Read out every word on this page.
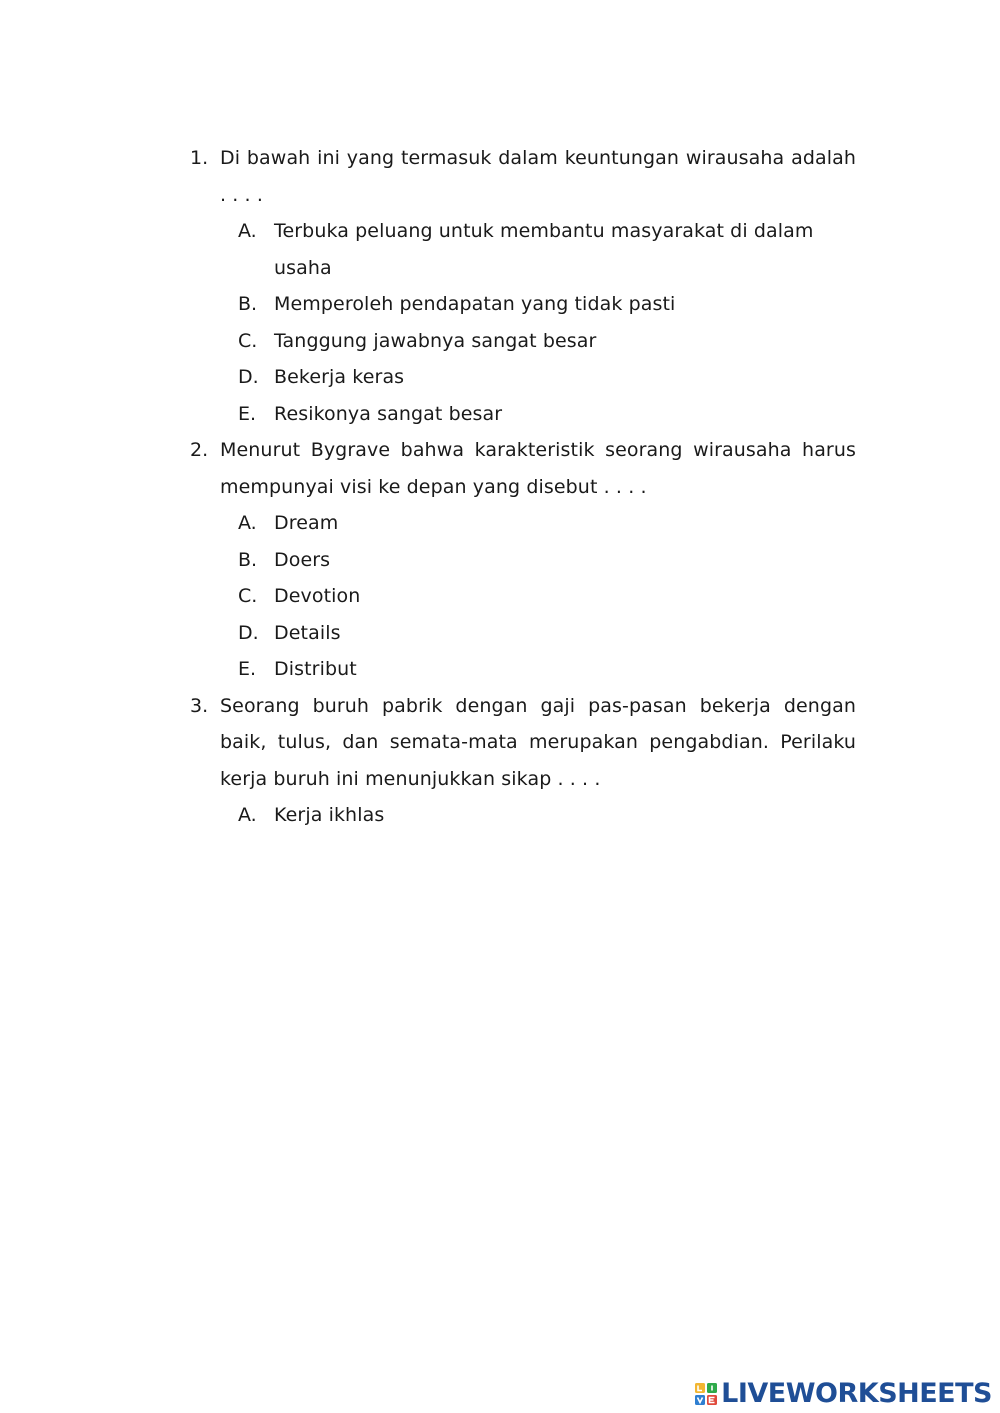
1. Di bawah ini yang termasuk dalam keuntungan wirausaha adalah . . . .

A. Terbuka peluang untuk membantu masyarakat di dalam usaha

B. Memperoleh pendapatan yang tidak pasti

C. Tanggung jawabnya sangat besar

D. Bekerja keras

E. Resikonya sangat besar

2. Menurut Bygrave bahwa karakteristik seorang wirausaha harus mempunyai visi ke depan yang disebut . . . .

A. Dream

B. Doers

C. Devotion

D. Details

E. Distribut

3. Seorang buruh pabrik dengan gaji pas-pasan bekerja dengan baik, tulus, dan semata-mata merupakan pengabdian. Perilaku kerja buruh ini menunjukkan sikap . . . .

A. Kerja ikhlas

LIVEWORKSHEETS
